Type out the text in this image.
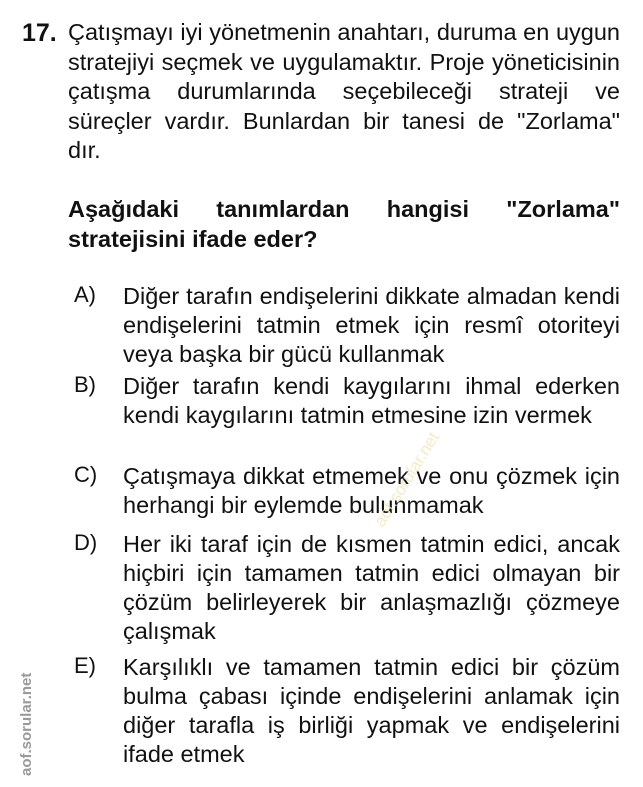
17. Çatışmayı iyi yönetmenin anahtarı, duruma en uygun stratejiyi seçmek ve uygulamaktır. Proje yöneticisinin çatışma durumlarında seçebileceği strateji ve süreçler vardır. Bunlardan bir tanesi de "Zorlama" dır.
Aşağıdaki tanımlardan hangisi "Zorlama" stratejisini ifade eder?
A) Diğer tarafın endişelerini dikkate almadan kendi endişelerini tatmin etmek için resmî otoriteyi veya başka bir gücü kullanmak
B) Diğer tarafın kendi kaygılarını ihmal ederken kendi kaygılarını tatmin etmesine izin vermek
C) Çatışmaya dikkat etmemek ve onu çözmek için herhangi bir eylemde bulunmamak
D) Her iki taraf için de kısmen tatmin edici, ancak hiçbiri için tamamen tatmin edici olmayan bir çözüm belirleyerek bir anlaşmazlığı çözmeye çalışmak
E) Karşılıklı ve tamamen tatmin edici bir çözüm bulma çabası içinde endişelerini anlamak için diğer tarafla iş birliği yapmak ve endişelerini ifade etmek
aof.sorular.net
aof.sorular.net
